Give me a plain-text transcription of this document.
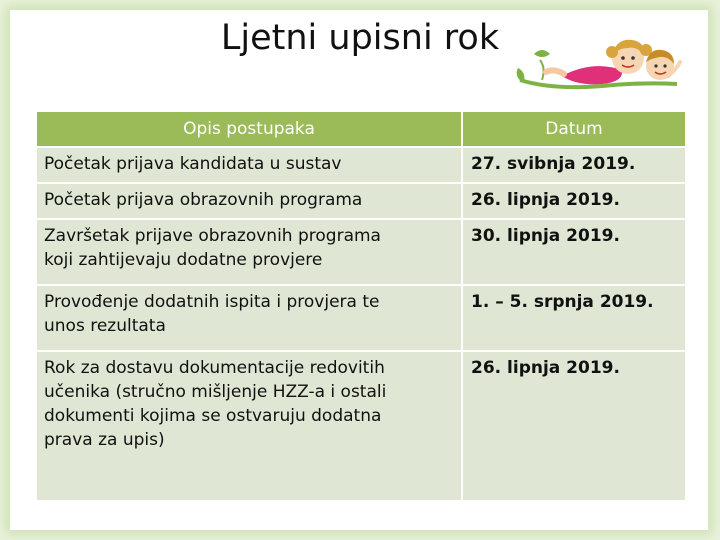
Ljetni upisni rok
Opis postupaka	Datum
Početak prijava kandidata u sustav	27. svibnja 2019.
Početak prijava obrazovnih programa	26. lipnja 2019.
Završetak prijave obrazovnih programa
koji zahtijevaju dodatne provjere	30. lipnja 2019.
Provođenje dodatnih ispita i provjera te
unos rezultata	1. – 5. srpnja 2019.
Rok za dostavu dokumentacije redovitih
učenika (stručno mišljenje HZZ-a i ostali
dokumenti kojima se ostvaruju dodatna
prava za upis)	26. lipnja 2019.
